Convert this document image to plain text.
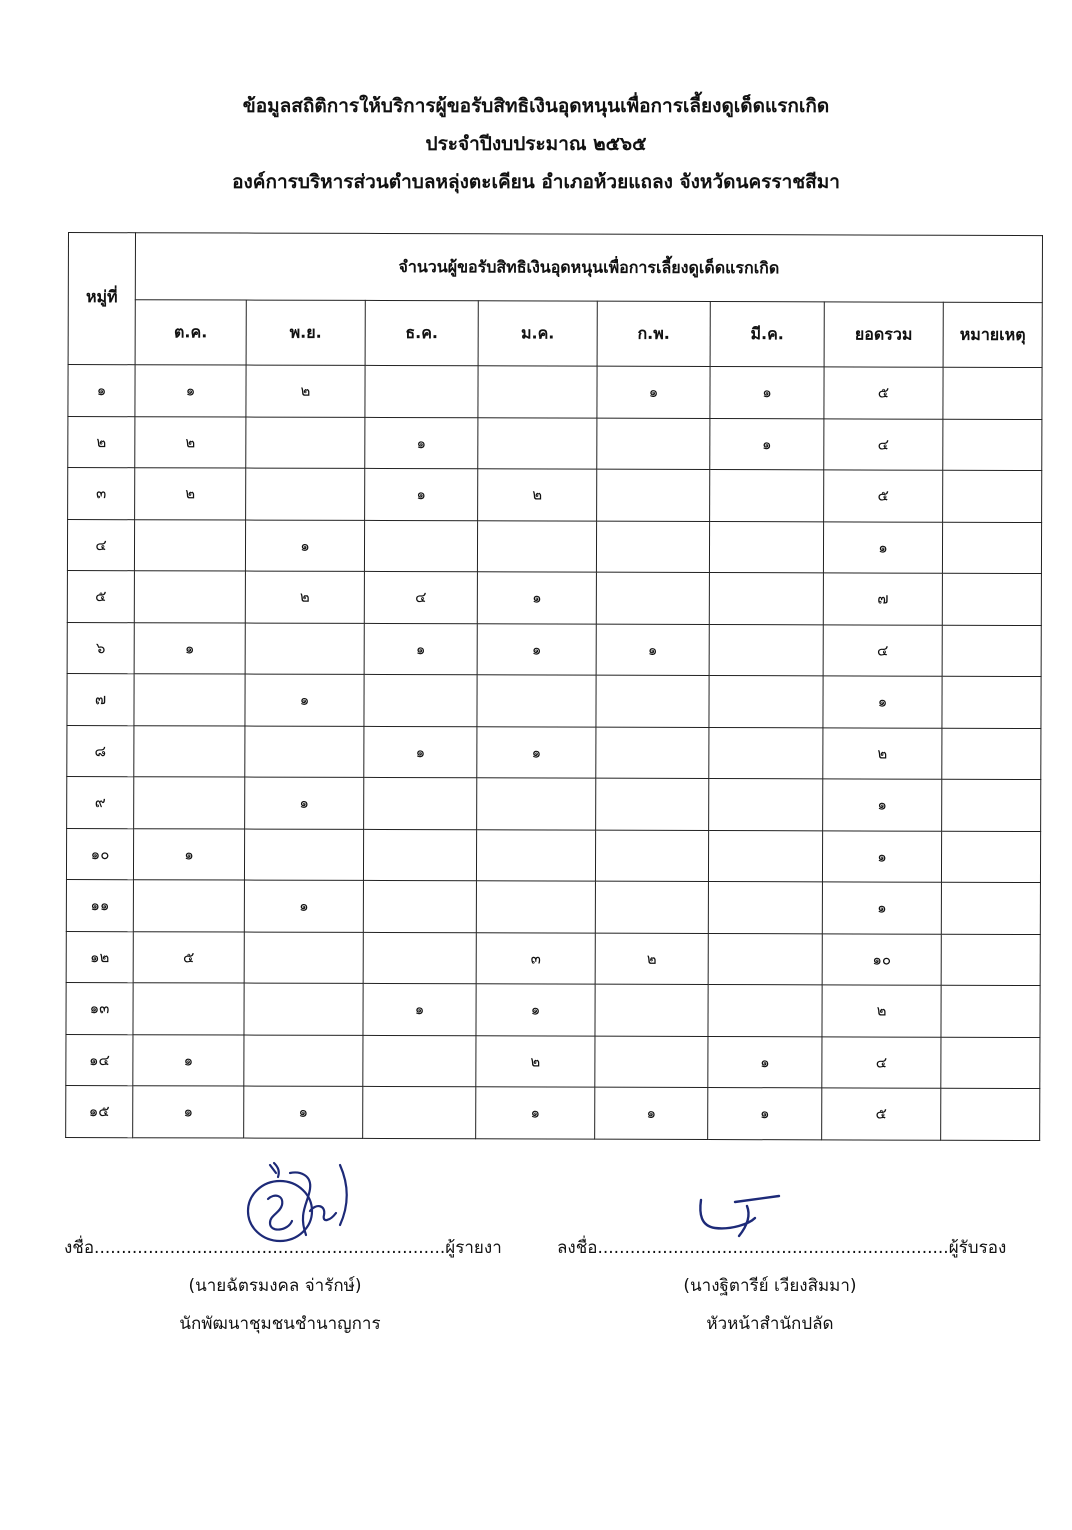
ข้อมูลสถิติการให้บริการผู้ขอรับสิทธิเงินอุดหนุนเพื่อการเลี้ยงดูเด็ดแรกเกิด
ประจำปีงบประมาณ ๒๕๖๕
องค์การบริหารส่วนตำบลหลุ่งตะเคียน อำเภอห้วยแถลง จังหวัดนครราชสีมา
หมู่ที่	จำนวนผู้ขอรับสิทธิเงินอุดหนุนเพื่อการเลี้ยงดูเด็ดแรกเกิด							
	ต.ค.	พ.ย.	ธ.ค.	ม.ค.	ก.พ.	มี.ค.	ยอดรวม	หมายเหตุ
๑	๑	๒			๑	๑	๕	
๒	๒		๑			๑	๔	
๓	๒		๑	๒			๕	
๔		๑					๑	
๕		๒	๔	๑			๗	
๖	๑		๑	๑	๑		๔	
๗		๑					๑	
๘			๑	๑			๒	
๙		๑					๑	
๑๐	๑						๑	
๑๑		๑					๑	
๑๒	๕			๓	๒		๑๐	
๑๓			๑	๑			๒	
๑๔	๑			๒		๑	๔	
๑๕	๑	๑		๑	๑	๑	๕	
งชื่อ.................................................................ผู้รายงา
(นายฉัตรมงคล จ่ารักษ์)
นักพัฒนาชุมชนชำนาญการ
ลงชื่อ.................................................................ผู้รับรอง
(นางฐิตารีย์ เวียงสิมมา)
หัวหน้าสำนักปลัด
